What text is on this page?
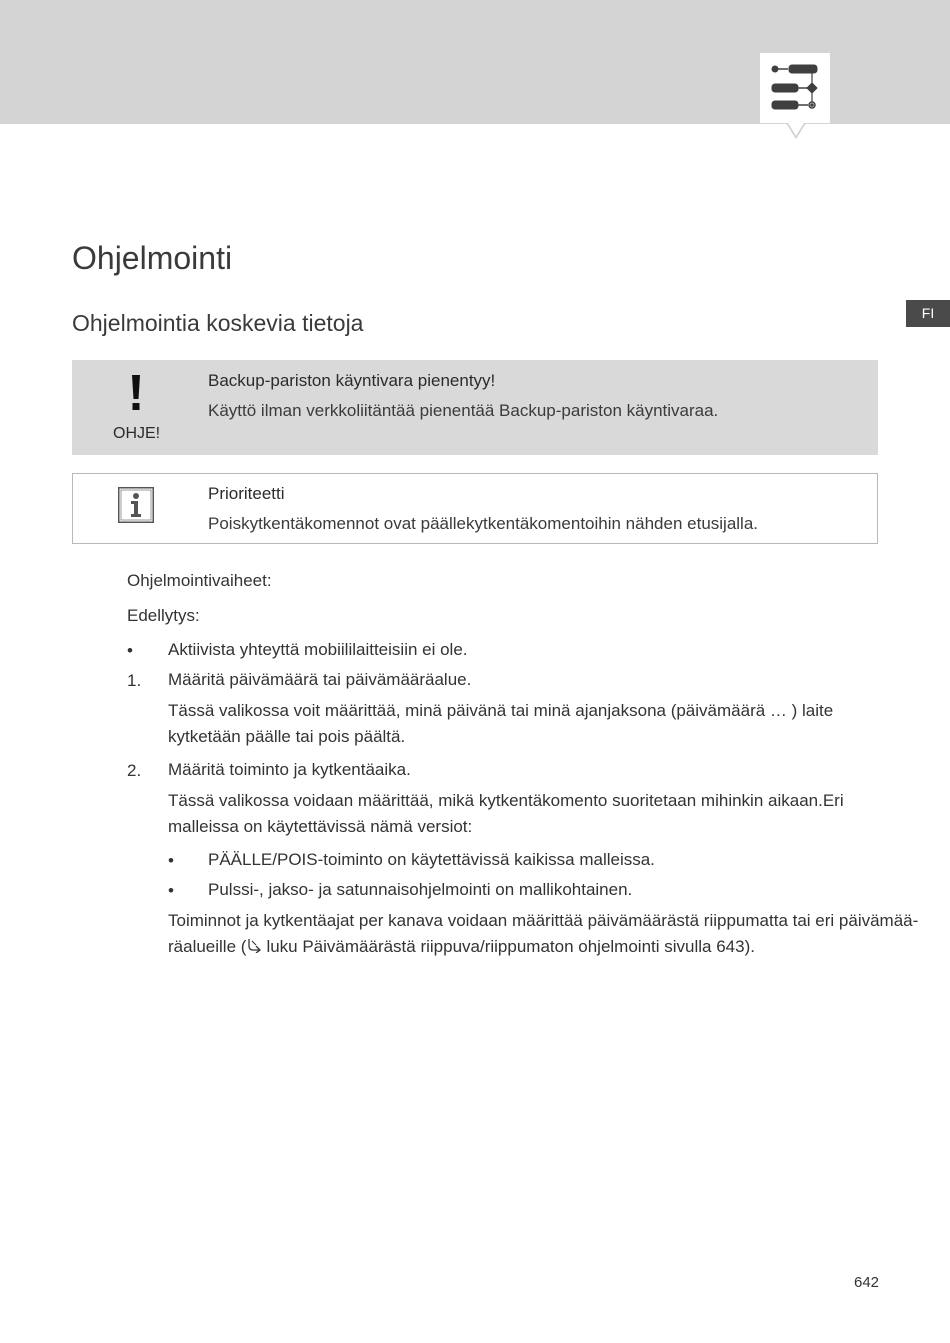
FI
Ohjelmointi
Ohjelmointia koskevia tietoja
OHJE!
Backup-pariston käyntivara pienentyy!
Käyttö ilman verkkoliitäntää pienentää Backup-pariston käyntivaraa.
Prioriteetti
Poiskytkentäkomennot ovat päällekytkentäkomentoihin nähden etusijalla.
Ohjelmointivaiheet:
Edellytys:
• Aktiivista yhteyttä mobiililaitteisiin ei ole.
1. Määritä päivämäärä tai päivämääräalue.
Tässä valikossa voit määrittää, minä päivänä tai minä ajanjaksona (päivämäärä … ) laite kytketään päälle tai pois päältä.
2. Määritä toiminto ja kytkentäaika.
Tässä valikossa voidaan määrittää, mikä kytkentäkomento suoritetaan mihinkin aikaan.Eri malleissa on käytettävissä nämä versiot:
• PÄÄLLE/POIS-toiminto on käytettävissä kaikissa malleissa.
• Pulssi-, jakso- ja satunnaisohjelmointi on mallikohtainen.
Toiminnot ja kytkentäajat per kanava voidaan määrittää päivämäärästä riippumatta tai eri päivämää-
räalueille ( luku Päivämäärästä riippuva/riippumaton ohjelmointi sivulla 643).
642
